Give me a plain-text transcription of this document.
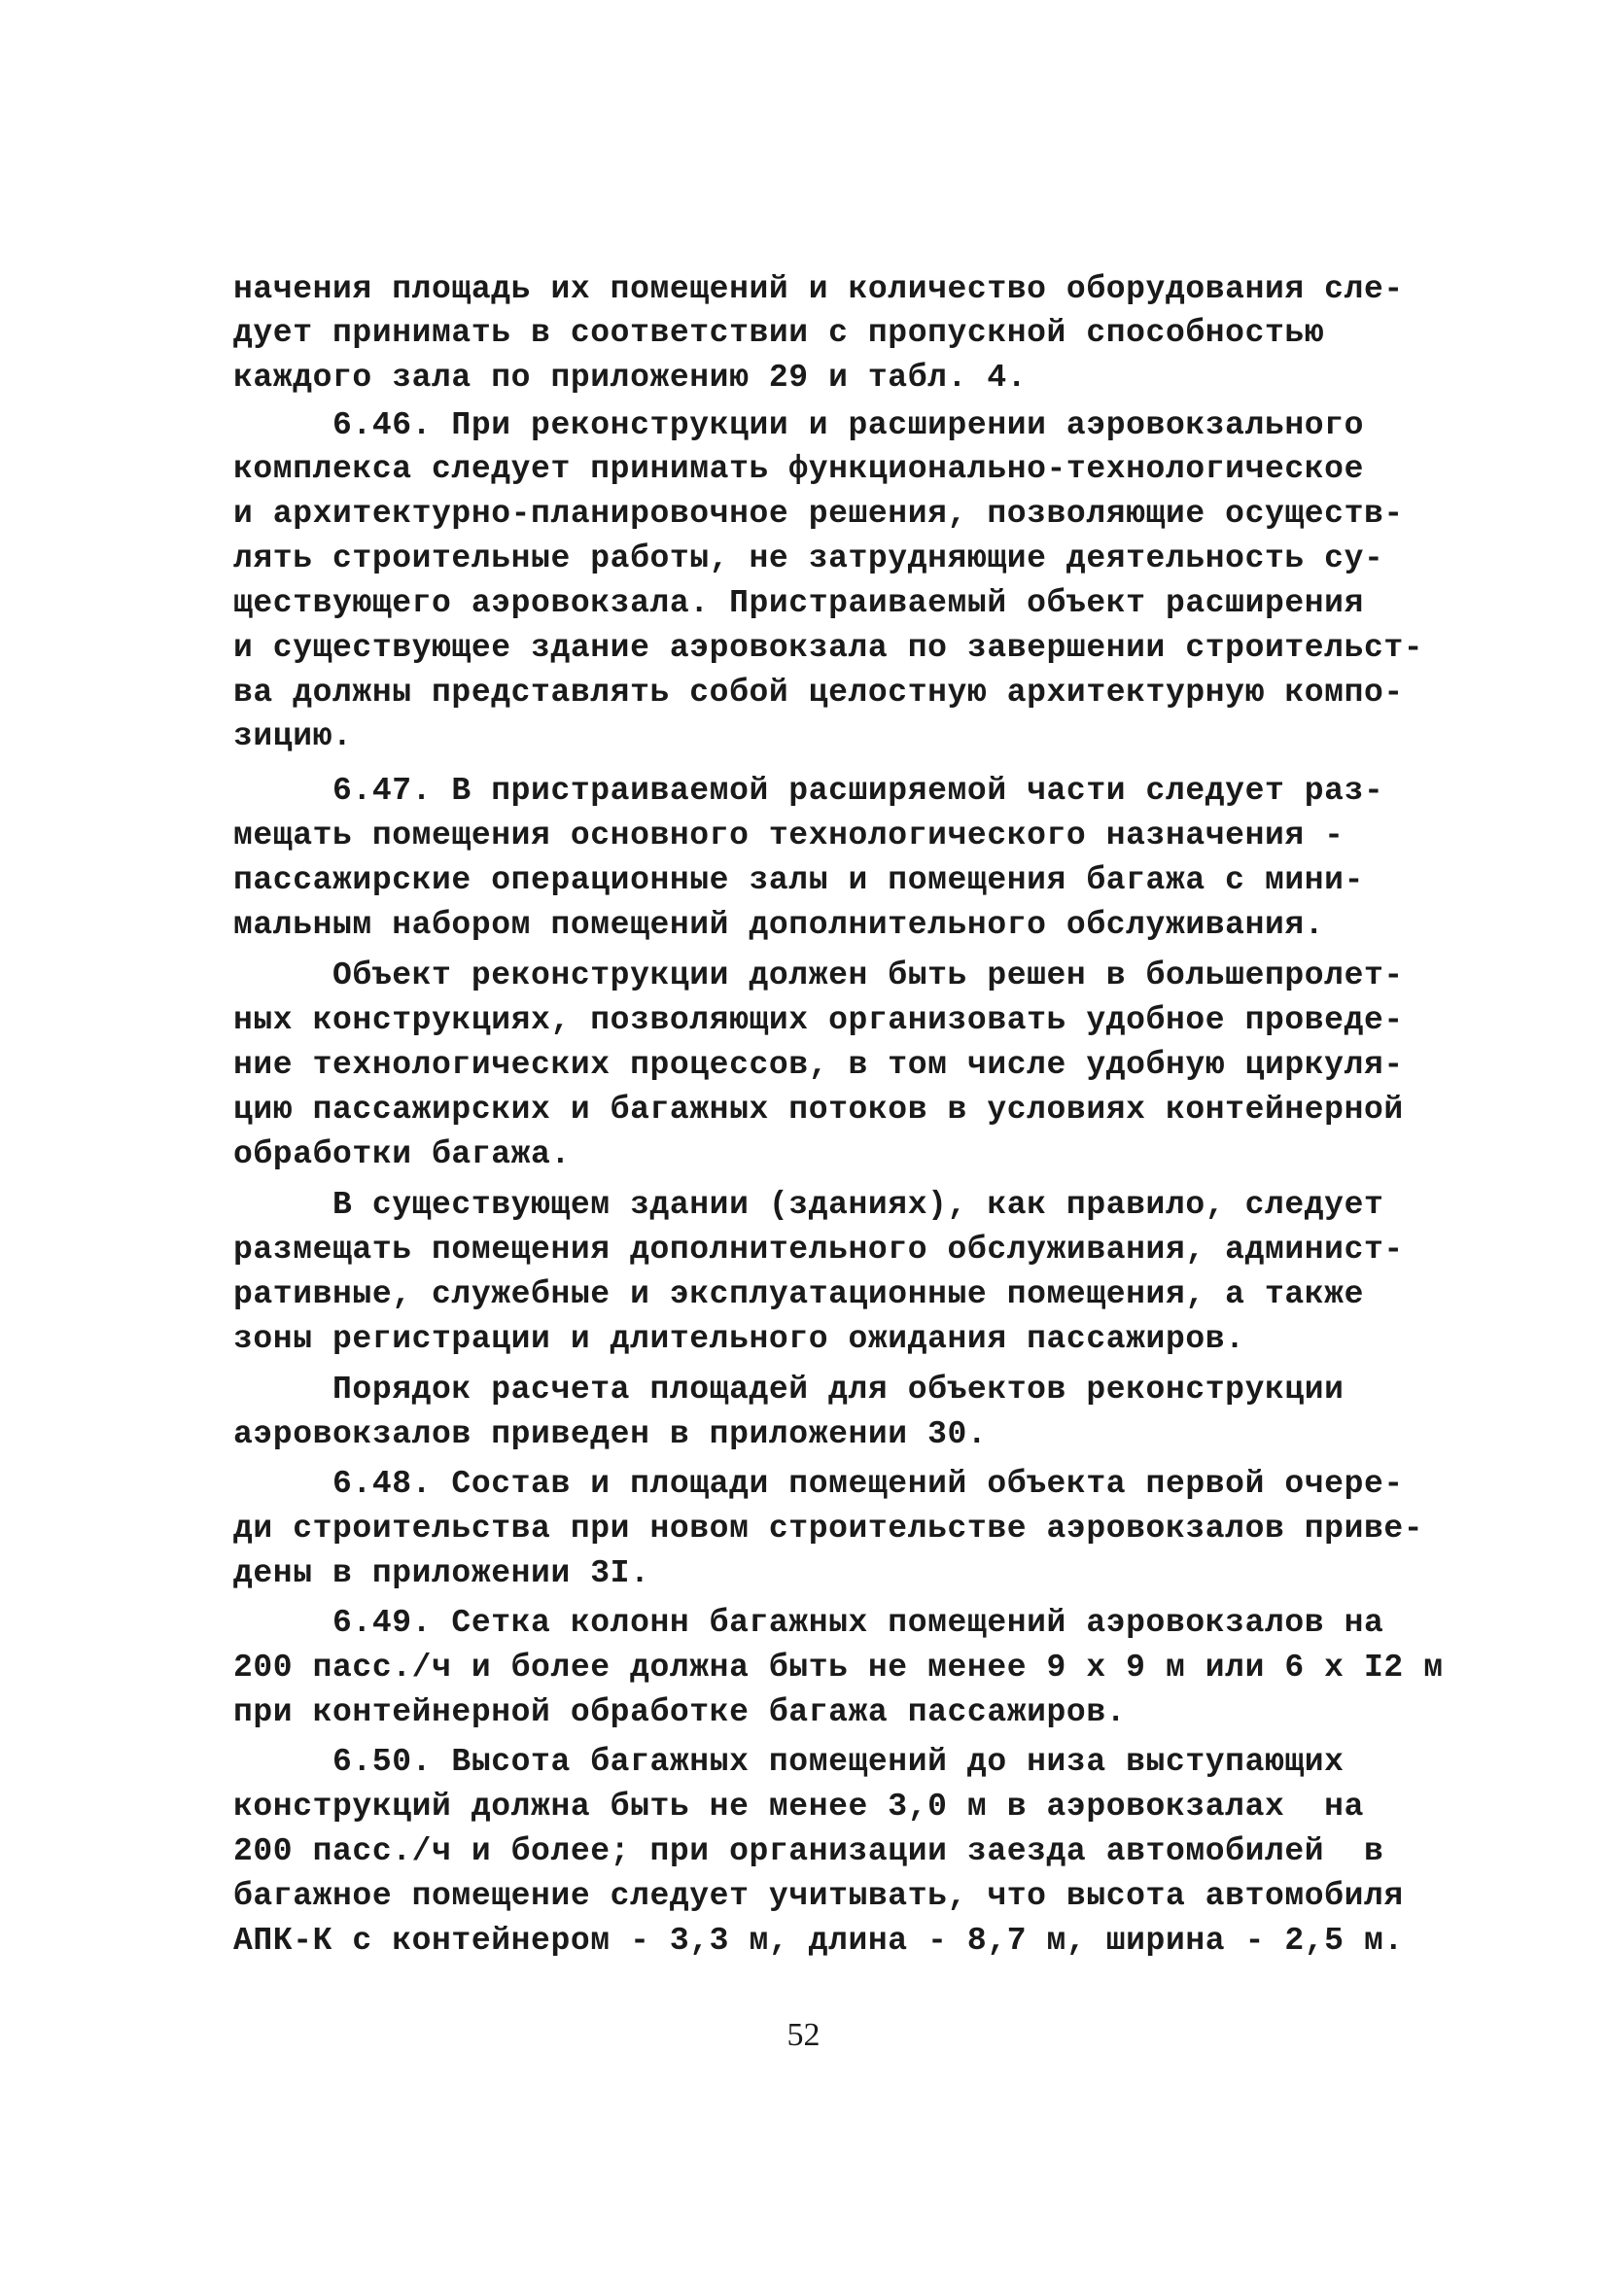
начения площадь их помещений и количество оборудования сле-

дует принимать в соответствии с пропускной способностью

каждого зала по приложению 29 и табл. 4.

6.46. При реконструкции и расширении аэровокзального

комплекса следует принимать функционально-технологическое

и архитектурно-планировочное решения, позволяющие осуществ-

лять строительные работы, не затрудняющие деятельность су-

ществующего аэровокзала. Пристраиваемый объект расширения

и существующее здание аэровокзала по завершении строительст-

ва должны представлять собой целостную архитектурную компо-

зицию.

6.47. В пристраиваемой расширяемой части следует раз-

мещать помещения основного технологического назначения -

пассажирские операционные залы и помещения багажа с мини-

мальным набором помещений дополнительного обслуживания.

Объект реконструкции должен быть решен в большепролет-

ных конструкциях, позволяющих организовать удобное проведе-

ние технологических процессов, в том числе удобную циркуля-

цию пассажирских и багажных потоков в условиях контейнерной

обработки багажа.

В существующем здании (зданиях), как правило, следует

размещать помещения дополнительного обслуживания, админист-

ративные, служебные и эксплуатационные помещения, а также

зоны регистрации и длительного ожидания пассажиров.

Порядок расчета площадей для объектов реконструкции

аэровокзалов приведен в приложении 30.

6.48. Состав и площади помещений объекта первой очере-

ди строительства при новом строительстве аэровокзалов приве-

дены в приложении 3I.

6.49. Сетка колонн багажных помещений аэровокзалов на

200 пасс./ч и более должна быть не менее 9 х 9 м или 6 х I2 м

при контейнерной обработке багажа пассажиров.

6.50. Высота багажных помещений до низа выступающих

конструкций должна быть не менее 3,0 м в аэровокзалах  на

200 пасс./ч и более; при организации заезда автомобилей  в

багажное помещение следует учитывать, что высота автомобиля

АПК-К с контейнером - 3,3 м, длина - 8,7 м, ширина - 2,5 м.

52
